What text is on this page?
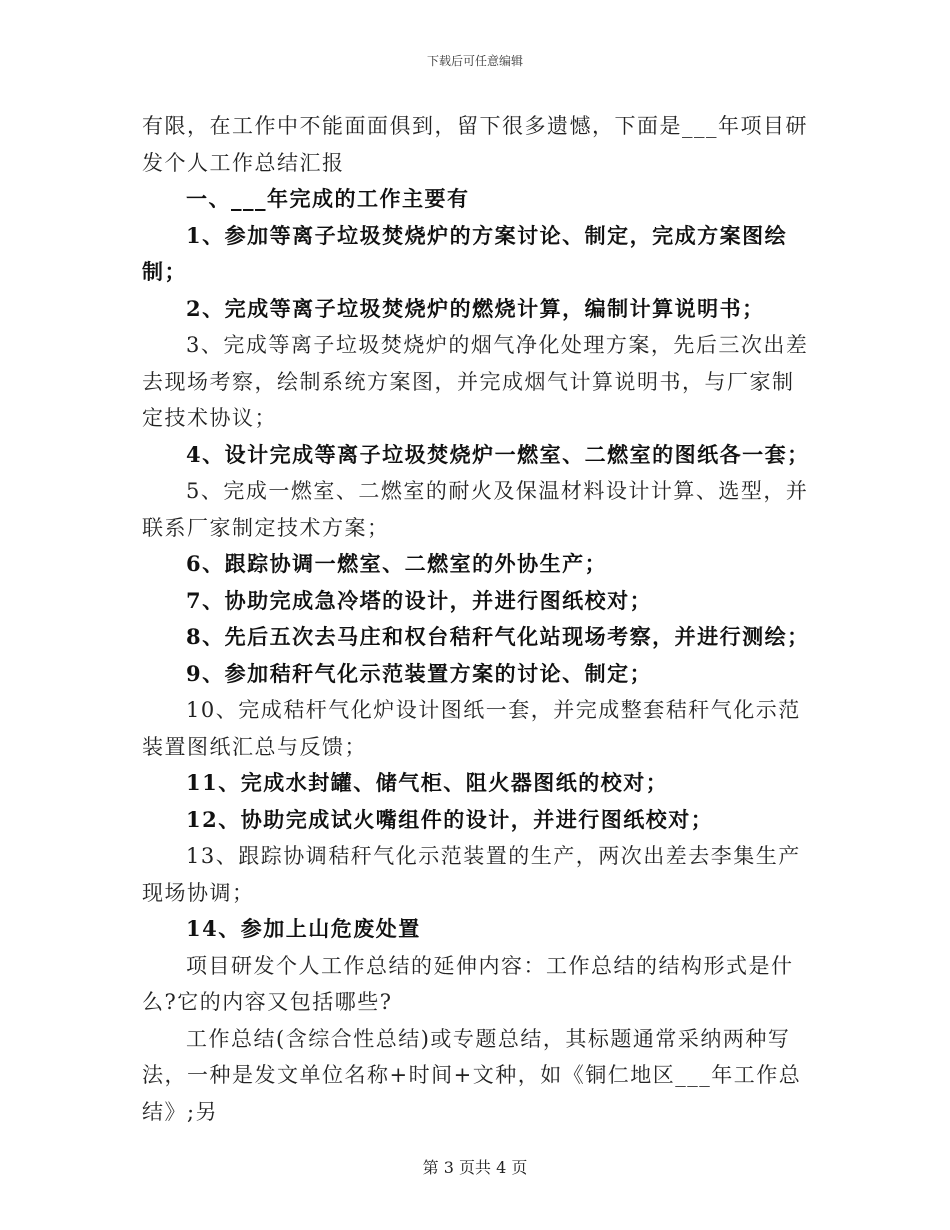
下载后可任意编辑

有限，在工作中不能面面俱到，留下很多遗憾，下面是___年项目研发个人工作总结汇报

一、___年完成的工作主要有

1、参加等离子垃圾焚烧炉的方案讨论、制定，完成方案图绘制；

2、完成等离子垃圾焚烧炉的燃烧计算，编制计算说明书；

3、完成等离子垃圾焚烧炉的烟气净化处理方案，先后三次出差去现场考察，绘制系统方案图，并完成烟气计算说明书，与厂家制定技术协议；

4、设计完成等离子垃圾焚烧炉一燃室、二燃室的图纸各一套；

5、完成一燃室、二燃室的耐火及保温材料设计计算、选型，并联系厂家制定技术方案；

6、跟踪协调一燃室、二燃室的外协生产；

7、协助完成急冷塔的设计，并进行图纸校对；

8、先后五次去马庄和权台秸秆气化站现场考察，并进行测绘；

9、参加秸秆气化示范装置方案的讨论、制定；

10、完成秸杆气化炉设计图纸一套，并完成整套秸秆气化示范装置图纸汇总与反馈；

11、完成水封罐、储气柜、阻火器图纸的校对；

12、协助完成试火嘴组件的设计，并进行图纸校对；

13、跟踪协调秸秆气化示范装置的生产，两次出差去李集生产现场协调；

14、参加上山危废处置

项目研发个人工作总结的延伸内容：工作总结的结构形式是什么?它的内容又包括哪些?

工作总结(含综合性总结)或专题总结，其标题通常采纳两种写法，一种是发文单位名称+时间+文种，如《铜仁地区___年工作总结》;另

第 3 页共 4 页
